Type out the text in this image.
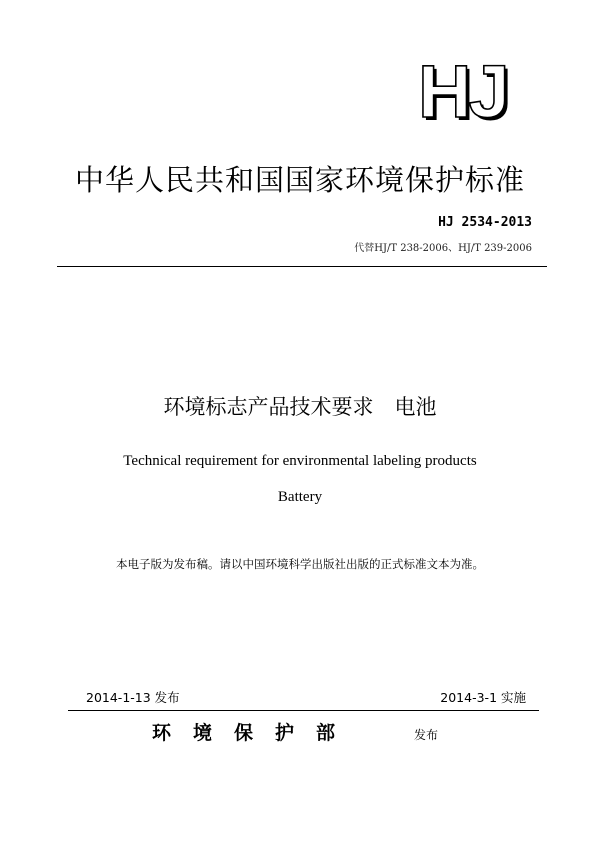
HJ
中华人民共和国国家环境保护标准
HJ 2534-2013
代替HJ/T 238-2006、HJ/T 239-2006
环境标志产品技术要求　电池
Technical requirement for environmental labeling products
Battery
本电子版为发布稿。请以中国环境科学出版社出版的正式标准文本为准。
2014-1-13 发布	2014-3-1 实施
环境保护部	发布
